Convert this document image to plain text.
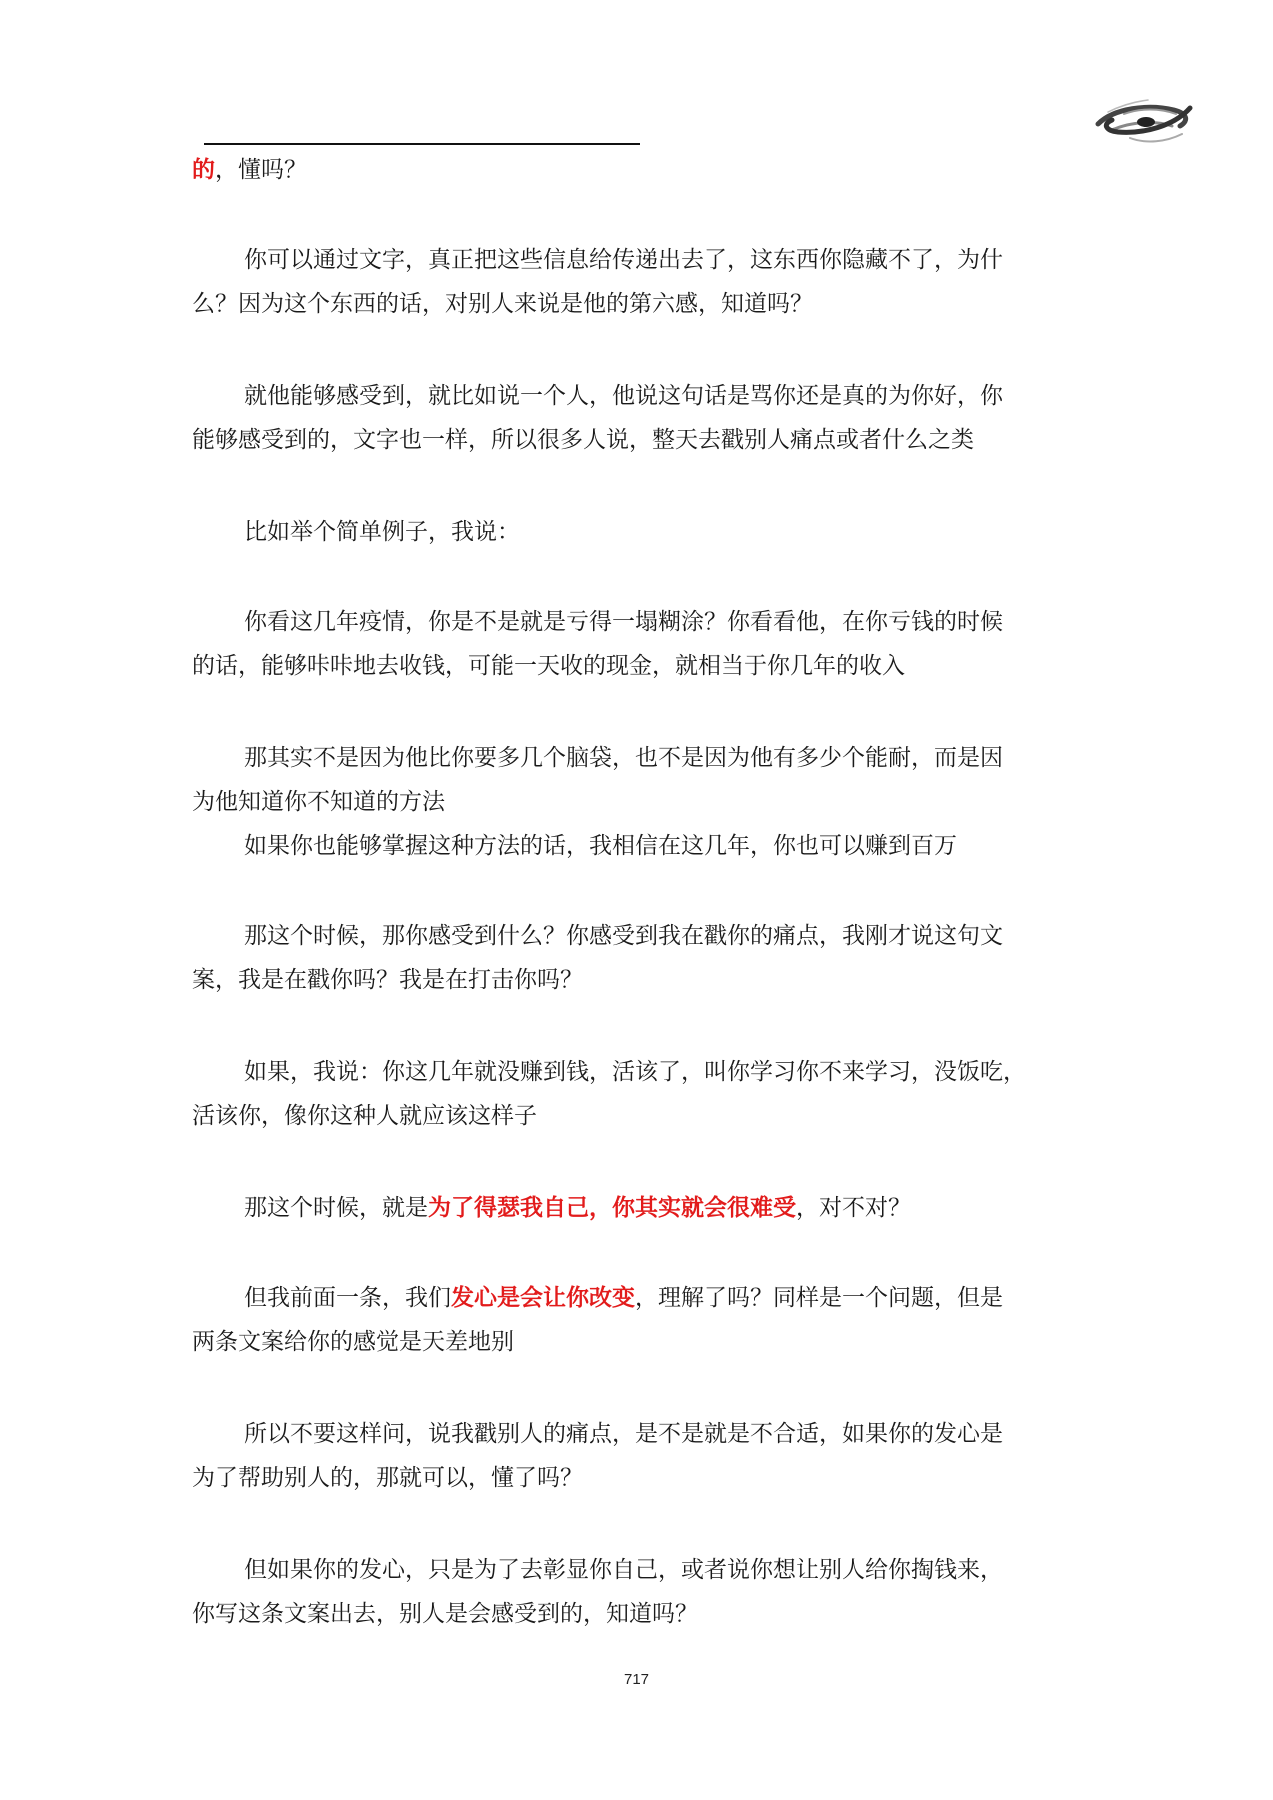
的，懂吗？
你可以通过文字，真正把这些信息给传递出去了，这东西你隐藏不了，为什
么？因为这个东西的话，对别人来说是他的第六感，知道吗？
就他能够感受到，就比如说一个人，他说这句话是骂你还是真的为你好，你
能够感受到的，文字也一样，所以很多人说，整天去戳别人痛点或者什么之类
比如举个简单例子，我说：
你看这几年疫情，你是不是就是亏得一塌糊涂？你看看他，在你亏钱的时候
的话，能够咔咔地去收钱，可能一天收的现金，就相当于你几年的收入
那其实不是因为他比你要多几个脑袋，也不是因为他有多少个能耐，而是因
为他知道你不知道的方法
如果你也能够掌握这种方法的话，我相信在这几年，你也可以赚到百万
那这个时候，那你感受到什么？你感受到我在戳你的痛点，我刚才说这句文
案，我是在戳你吗？我是在打击你吗？
如果，我说：你这几年就没赚到钱，活该了，叫你学习你不来学习，没饭吃，
活该你，像你这种人就应该这样子
那这个时候，就是为了得瑟我自己，你其实就会很难受，对不对？
但我前面一条，我们发心是会让你改变，理解了吗？同样是一个问题，但是
两条文案给你的感觉是天差地别
所以不要这样问，说我戳别人的痛点，是不是就是不合适，如果你的发心是
为了帮助别人的，那就可以，懂了吗？
但如果你的发心，只是为了去彰显你自己，或者说你想让别人给你掏钱来，
你写这条文案出去，别人是会感受到的，知道吗？
717
